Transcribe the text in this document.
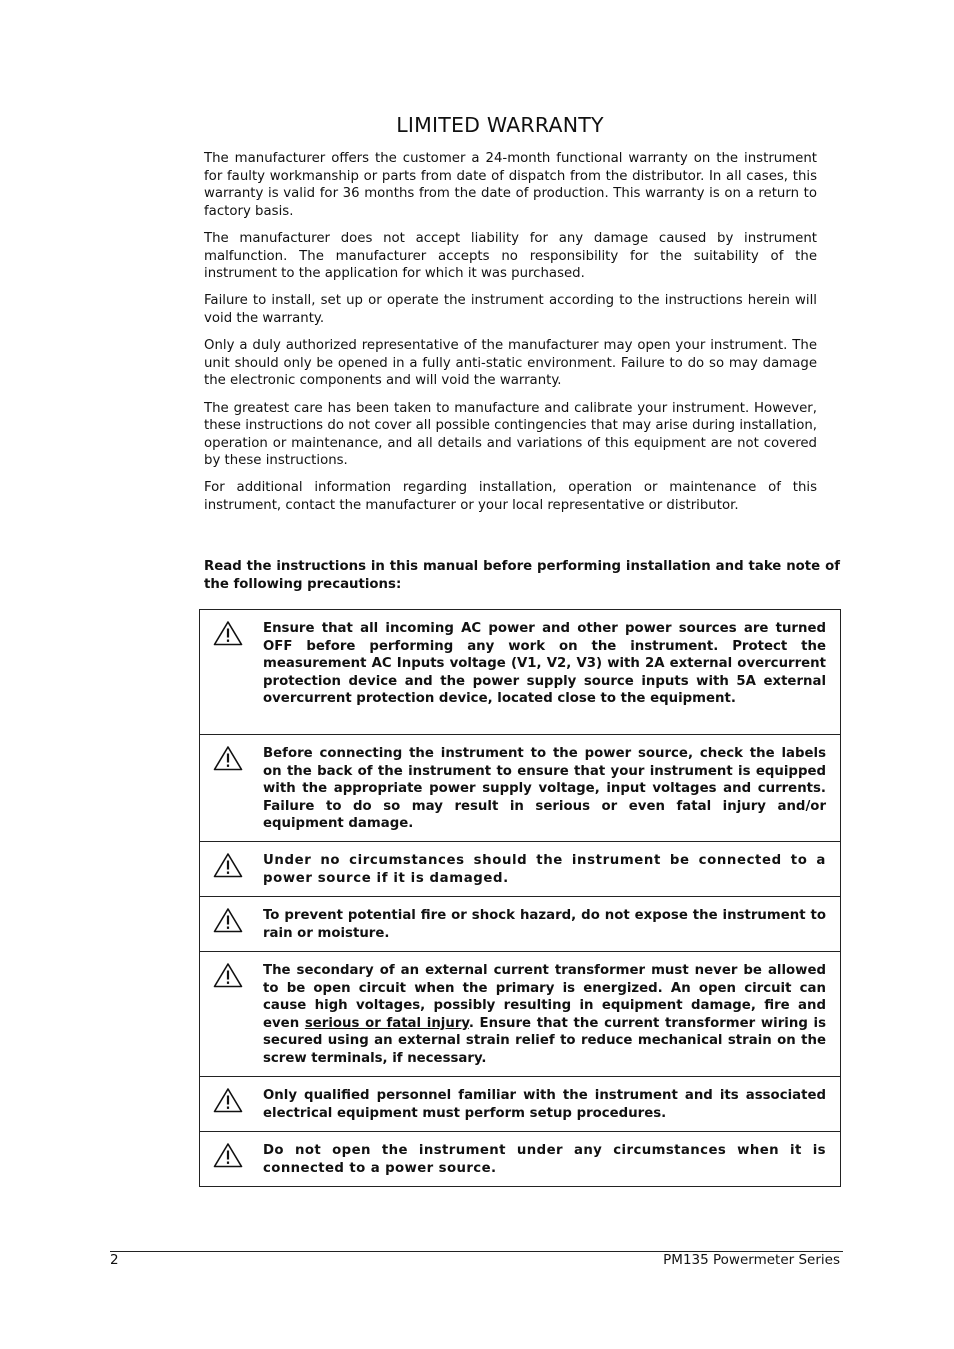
LIMITED WARRANTY

The manufacturer offers the customer a 24-month functional warranty on the instrument for faulty workmanship or parts from date of dispatch from the distributor. In all cases, this warranty is valid for 36 months from the date of production. This warranty is on a return to factory basis.

The manufacturer does not accept liability for any damage caused by instrument malfunction. The manufacturer accepts no responsibility for the suitability of the instrument to the application for which it was purchased.

Failure to install, set up or operate the instrument according to the instructions herein will void the warranty.

Only a duly authorized representative of the manufacturer may open your instrument. The unit should only be opened in a fully anti-static environment. Failure to do so may damage the electronic components and will void the warranty.

The greatest care has been taken to manufacture and calibrate your instrument. However, these instructions do not cover all possible contingencies that may arise during installation, operation or maintenance, and all details and variations of this equipment are not covered by these instructions.

For additional information regarding installation, operation or maintenance of this instrument, contact the manufacturer or your local representative or distributor.

Read the instructions in this manual before performing installation and take note of the following precautions:
Ensure that all incoming AC power and other power sources are turned OFF before performing any work on the instrument. Protect the measurement AC Inputs voltage (V1, V2, V3) with 2A external overcurrent protection device and the power supply source inputs with 5A external overcurrent protection device, located close to the equipment.

Before connecting the instrument to the power source, check the labels on the back of the instrument to ensure that your instrument is equipped with the appropriate power supply voltage, input voltages and currents. Failure to do so may result in serious or even fatal injury and/or equipment damage.

Under no circumstances should the instrument be connected to a power source if it is damaged.

To prevent potential fire or shock hazard, do not expose the instrument to rain or moisture.

The secondary of an external current transformer must never be allowed to be open circuit when the primary is energized. An open circuit can cause high voltages, possibly resulting in equipment damage, fire and even serious or fatal injury. Ensure that the current transformer wiring is secured using an external strain relief to reduce mechanical strain on the screw terminals, if necessary.

Only qualified personnel familiar with the instrument and its associated electrical equipment must perform setup procedures.

Do not open the instrument under any circumstances when it is connected to a power source.
2	PM135 Powermeter Series
